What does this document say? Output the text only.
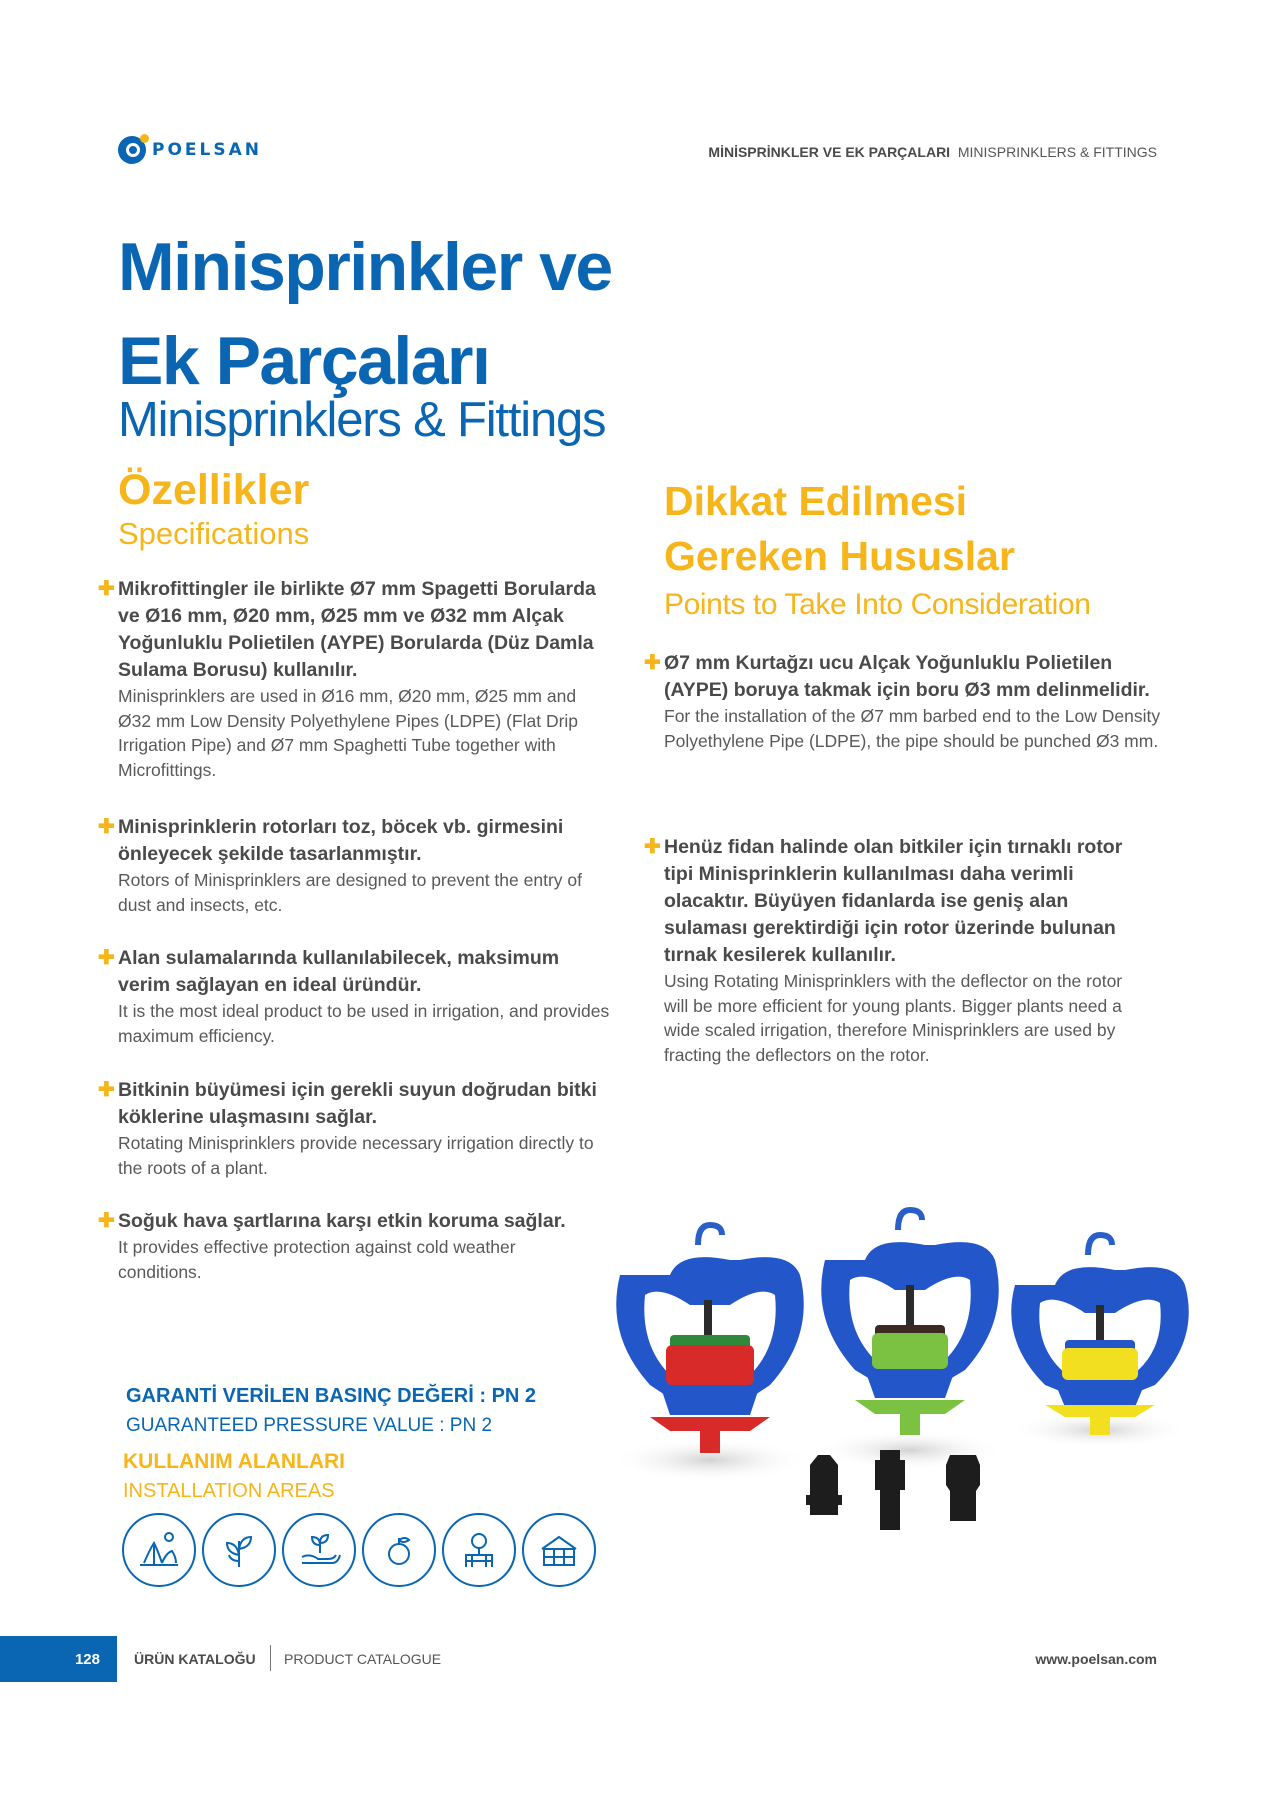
POELSAN	MİNİSPRİNKLER VE EK PARÇALARI MINISPRINKLERS & FITTINGS
Minisprinkler ve
Ek Parçaları
Minisprinklers & Fittings
Özellikler
Specifications
✚ Mikrofittingler ile birlikte Ø7 mm Spagetti Borularda ve Ø16 mm, Ø20 mm, Ø25 mm ve Ø32 mm Alçak Yoğunluklu Polietilen (AYPE) Borularda (Düz Damla Sulama Borusu) kullanılır.
Minisprinklers are used in Ø16 mm, Ø20 mm, Ø25 mm and Ø32 mm Low Density Polyethylene Pipes (LDPE) (Flat Drip Irrigation Pipe) and Ø7 mm Spaghetti Tube together with Microfittings.
✚ Minisprinklerin rotorları toz, böcek vb. girmesini önleyecek şekilde tasarlanmıştır.
Rotors of Minisprinklers are designed to prevent the entry of dust and insects, etc.
✚ Alan sulamalarında kullanılabilecek, maksimum verim sağlayan en ideal üründür.
It is the most ideal product to be used in irrigation, and provides maximum efficiency.
✚ Bitkinin büyümesi için gerekli suyun doğrudan bitki köklerine ulaşmasını sağlar.
Rotating Minisprinklers provide necessary irrigation directly to the roots of a plant.
✚ Soğuk hava şartlarına karşı etkin koruma sağlar.
It provides effective protection against cold weather conditions.
Dikkat Edilmesi
Gereken Hususlar
Points to Take Into Consideration
✚ Ø7 mm Kurtağzı ucu Alçak Yoğunluklu Polietilen (AYPE) boruya takmak için boru Ø3 mm delinmelidir.
For the installation of the Ø7 mm barbed end to the Low Density Polyethylene Pipe (LDPE), the pipe should be punched Ø3 mm.
✚ Henüz fidan halinde olan bitkiler için tırnaklı rotor tipi Minisprinklerin kullanılması daha verimli olacaktır. Büyüyen fidanlarda ise geniş alan sulaması gerektirdiği için rotor üzerinde bulunan tırnak kesilerek kullanılır.
Using Rotating Minisprinklers with the deflector on the rotor will be more efficient for young plants. Bigger plants need a wide scaled irrigation, therefore Minisprinklers are used by fracting the deflectors on the rotor.
GARANTİ VERİLEN BASINÇ DEĞERİ : PN 2
GUARANTEED PRESSURE VALUE : PN 2
KULLANIM ALANLARI
INSTALLATION AREAS
128	ÜRÜN KATALOĞU PRODUCT CATALOGUE	www.poelsan.com
